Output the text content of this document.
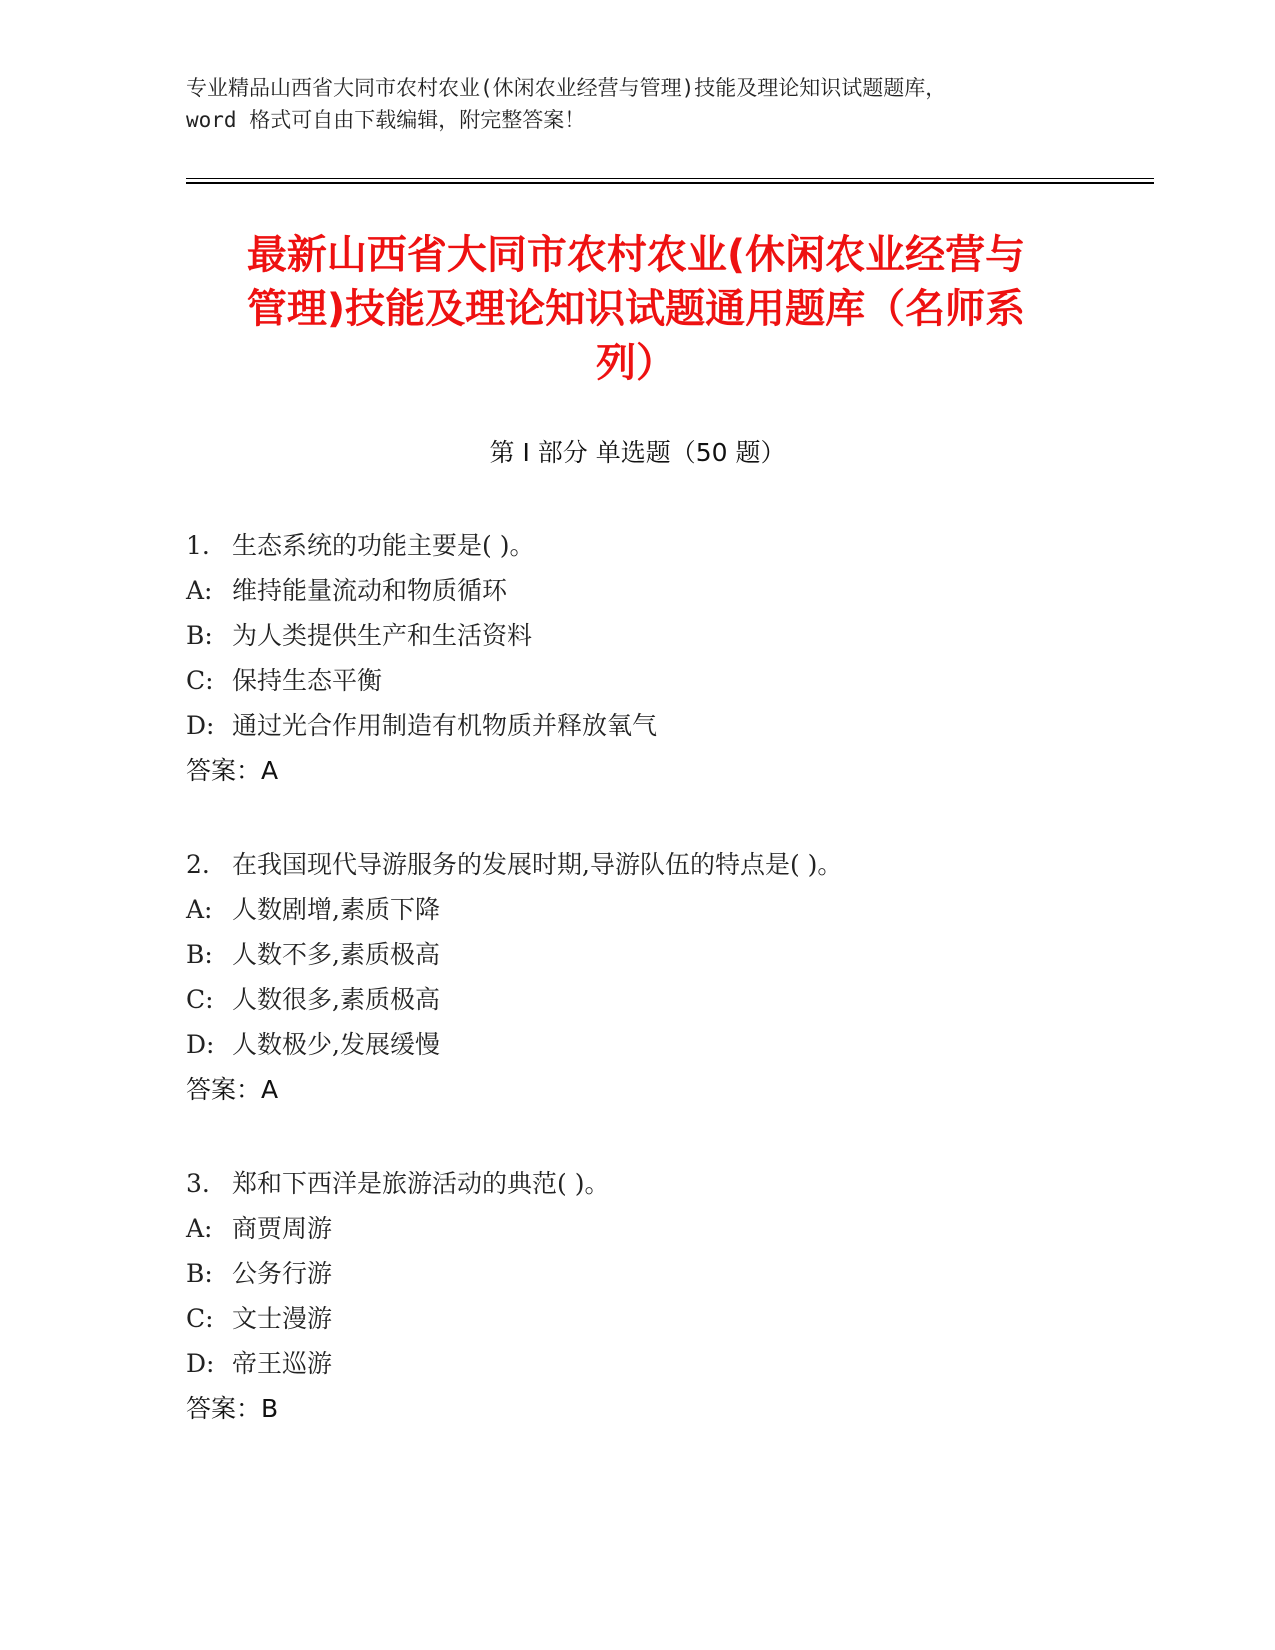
专业精品山西省大同市农村农业(休闲农业经营与管理)技能及理论知识试题题库，
word 格式可自由下载编辑，附完整答案！
最新山西省大同市农村农业(休闲农业经营与
管理)技能及理论知识试题通用题库（名师系
列）
第 I 部分 单选题（50 题）
1. 生态系统的功能主要是( )。
A: 维持能量流动和物质循环
B: 为人类提供生产和生活资料
C: 保持生态平衡
D: 通过光合作用制造有机物质并释放氧气
答案：A
2. 在我国现代导游服务的发展时期,导游队伍的特点是( )。
A: 人数剧增,素质下降
B: 人数不多,素质极高
C: 人数很多,素质极高
D: 人数极少,发展缓慢
答案：A
3. 郑和下西洋是旅游活动的典范( )。
A: 商贾周游
B: 公务行游
C: 文士漫游
D: 帝王巡游
答案：B
